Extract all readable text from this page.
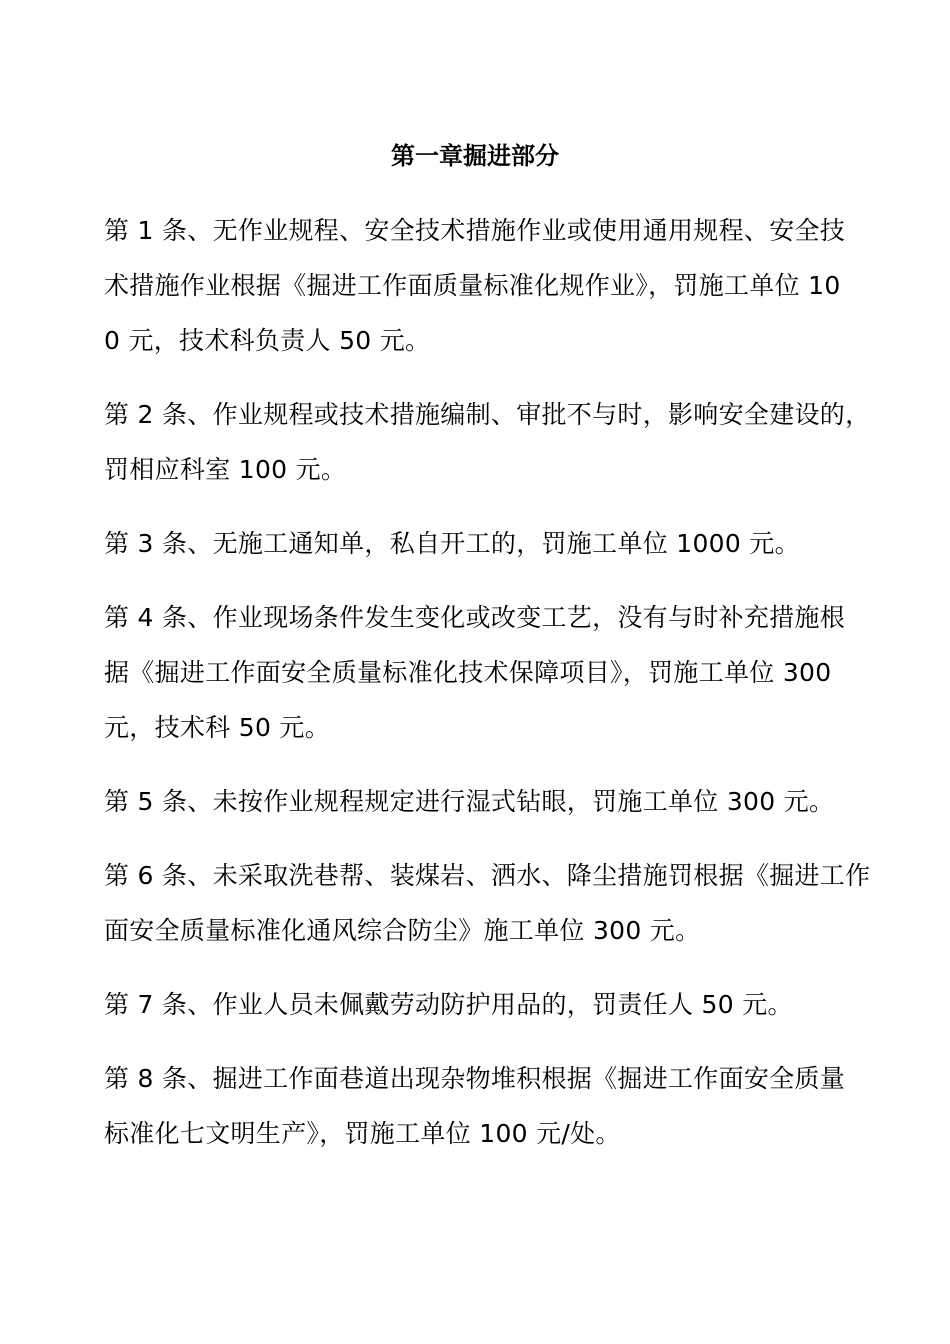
第一章掘进部分

第 1 条、无作业规程、安全技术措施作业或使用通用规程、安全技
术措施作业根据《掘进工作面质量标准化规作业》，罚施工单位 10
0 元，技术科负责人 50 元。

第 2 条、作业规程或技术措施编制、审批不与时，影响安全建设的，
罚相应科室 100 元。

第 3 条、无施工通知单，私自开工的，罚施工单位 1000 元。

第 4 条、作业现场条件发生变化或改变工艺，没有与时补充措施根
据《掘进工作面安全质量标准化技术保障项目》，罚施工单位 300
元，技术科 50 元。

第 5 条、未按作业规程规定进行湿式钻眼，罚施工单位 300 元。

第 6 条、未采取洗巷帮、装煤岩、洒水、降尘措施罚根据《掘进工作
面安全质量标准化通风综合防尘》施工单位 300 元。

第 7 条、作业人员未佩戴劳动防护用品的，罚责任人 50 元。

第 8 条、掘进工作面巷道出现杂物堆积根据《掘进工作面安全质量
标准化七文明生产》，罚施工单位 100 元/处。
